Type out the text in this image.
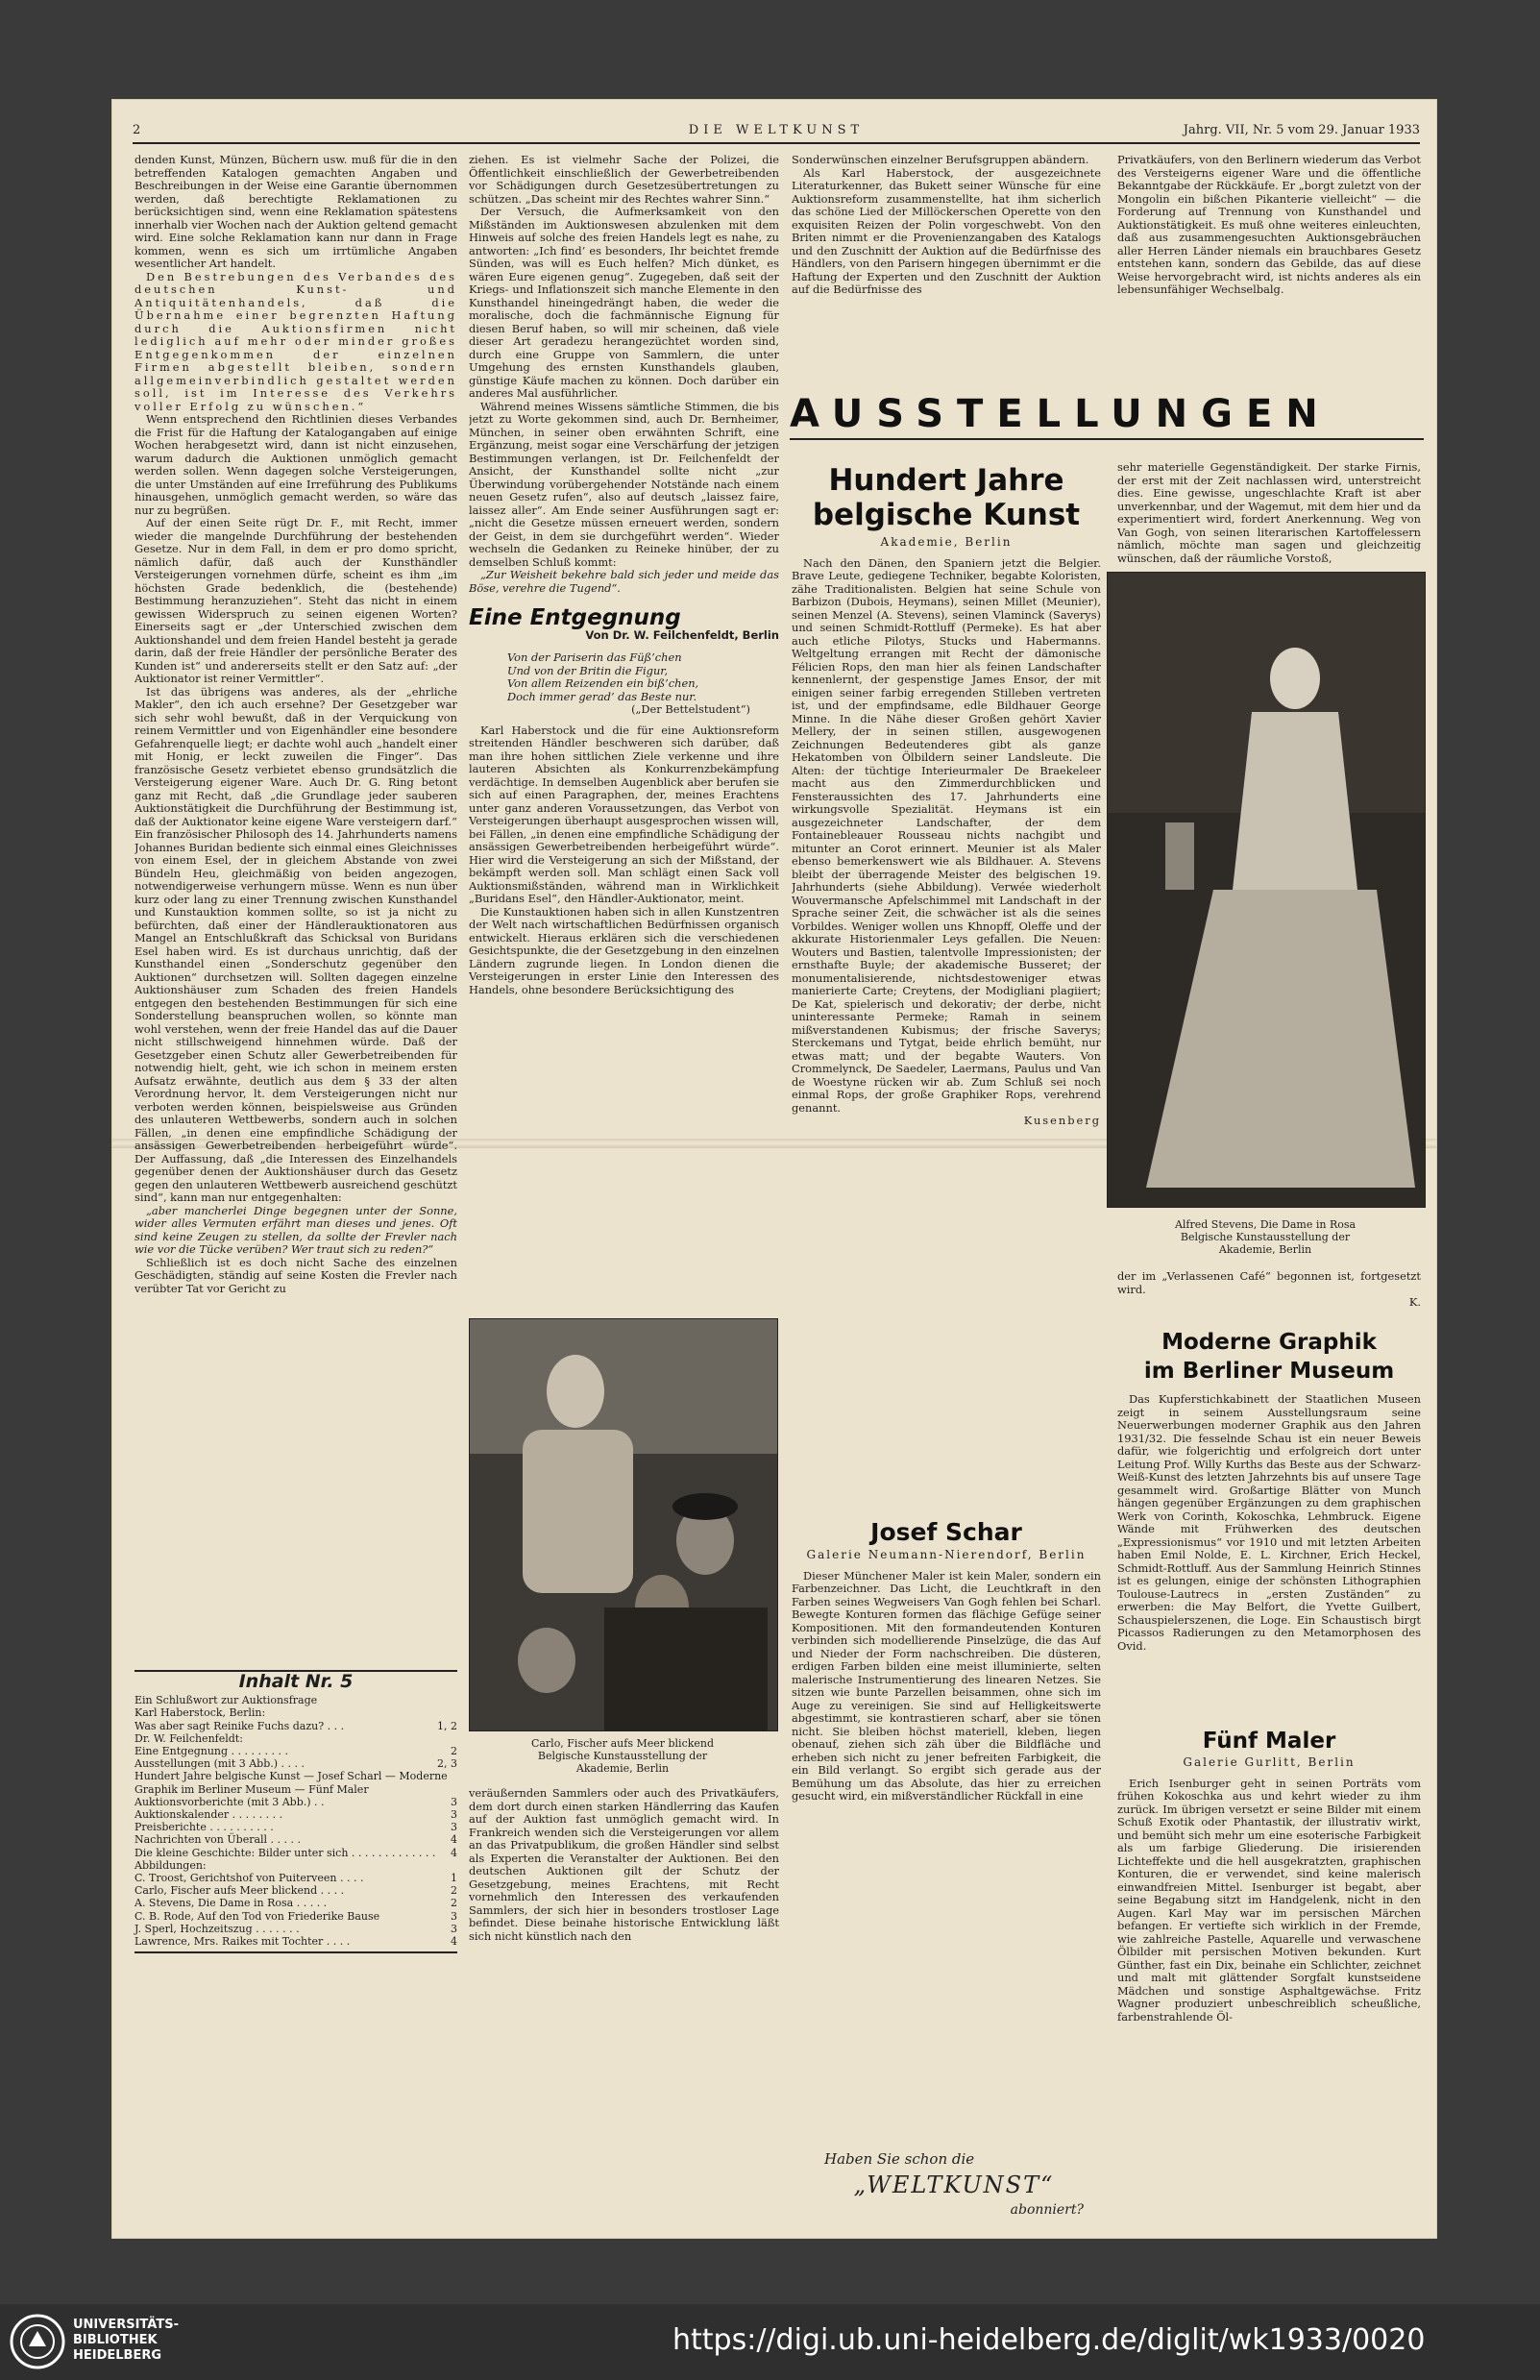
2	DIE WELTKUNST	Jahrg. VII, Nr. 5 vom 29. Januar 1933

denden Kunst, Münzen, Büchern usw. muß für die in den betreffenden Katalogen gemachten Angaben und Beschreibungen in der Weise eine Garantie übernommen werden, daß berechtigte Reklamationen zu berücksichtigen sind, wenn eine Reklamation spätestens innerhalb vier Wochen nach der Auktion geltend gemacht wird. Eine solche Reklamation kann nur dann in Frage kommen, wenn es sich um irrtümliche Angaben wesentlicher Art handelt.

Den Bestrebungen des Verbandes des deutschen Kunst- und Antiquitätenhandels, daß die Übernahme einer begrenzten Haftung durch die Auktionsfirmen nicht lediglich auf mehr oder minder großes Entgegenkommen der einzelnen Firmen abgestellt bleiben, sondern allgemeinverbindlich gestaltet werden soll, ist im Interesse des Verkehrs voller Erfolg zu wünschen.“

Wenn entsprechend den Richtlinien dieses Verbandes die Frist für die Haftung der Katalogangaben auf einige Wochen herabgesetzt wird, dann ist nicht einzusehen, warum dadurch die Auktionen unmöglich gemacht werden sollen. Wenn dagegen solche Versteigerungen, die unter Umständen auf eine Irreführung des Publikums hinausgehen, unmöglich gemacht werden, so wäre das nur zu begrüßen.

Auf der einen Seite rügt Dr. F., mit Recht, immer wieder die mangelnde Durchführung der bestehenden Gesetze. Nur in dem Fall, in dem er pro domo spricht, nämlich dafür, daß auch der Kunsthändler Versteigerungen vornehmen dürfe, scheint es ihm „im höchsten Grade bedenklich, die (bestehende) Bestimmung heranzuziehen“. Steht das nicht in einem gewissen Widerspruch zu seinen eigenen Worten? Einerseits sagt er „der Unterschied zwischen dem Auktionshandel und dem freien Handel besteht ja gerade darin, daß der freie Händler der persönliche Berater des Kunden ist“ und andererseits stellt er den Satz auf: „der Auktionator ist reiner Vermittler“.

Ist das übrigens was anderes, als der „ehrliche Makler“, den ich auch ersehne? Der Gesetzgeber war sich sehr wohl bewußt, daß in der Verquickung von reinem Vermittler und von Eigenhändler eine besondere Gefahrenquelle liegt; er dachte wohl auch „handelt einer mit Honig, er leckt zuweilen die Finger“. Das französische Gesetz verbietet ebenso grundsätzlich die Versteigerung eigener Ware. Auch Dr. G. Ring betont ganz mit Recht, daß „die Grundlage jeder sauberen Auktionstätigkeit die Durchführung der Bestimmung ist, daß der Auktionator keine eigene Ware versteigern darf.“ Ein französischer Philosoph des 14. Jahrhunderts namens Johannes Buridan bediente sich einmal eines Gleichnisses von einem Esel, der in gleichem Abstande von zwei Bündeln Heu, gleichmäßig von beiden angezogen, notwendigerweise verhungern müsse. Wenn es nun über kurz oder lang zu einer Trennung zwischen Kunsthandel und Kunstauktion kommen sollte, so ist ja nicht zu befürchten, daß einer der Händlerauktionatoren aus Mangel an Entschlußkraft das Schicksal von Buridans Esel haben wird. Es ist durchaus unrichtig, daß der Kunsthandel einen „Sonderschutz gegenüber den Auktionen“ durchsetzen will. Sollten dagegen einzelne Auktionshäuser zum Schaden des freien Handels entgegen den bestehenden Bestimmungen für sich eine Sonderstellung beanspruchen wollen, so könnte man wohl verstehen, wenn der freie Handel das auf die Dauer nicht stillschweigend hinnehmen würde. Daß der Gesetzgeber einen Schutz aller Gewerbetreibenden für notwendig hielt, geht, wie ich schon in meinem ersten Aufsatz erwähnte, deutlich aus dem § 33 der alten Verordnung hervor, lt. dem Versteigerungen nicht nur verboten werden können, beispielsweise aus Gründen des unlauteren Wettbewerbs, sondern auch in solchen Fällen, „in denen eine empfindliche Schädigung der ansässigen Gewerbetreibenden herbeigeführt würde“. Der Auffassung, daß „die Interessen des Einzelhandels gegenüber denen der Auktionshäuser durch das Gesetz gegen den unlauteren Wettbewerb ausreichend geschützt sind“, kann man nur entgegenhalten:

„aber mancherlei Dinge begegnen unter der Sonne, wider alles Vermuten erfährt man dieses und jenes. Oft sind keine Zeugen zu stellen, da sollte der Frevler nach wie vor die Tücke verüben? Wer traut sich zu reden?“

Schließlich ist es doch nicht Sache des einzelnen Geschädigten, ständig auf seine Kosten die Frevler nach verübter Tat vor Gericht zu

Inhalt Nr. 5
Ein Schlußwort zur Auktionsfrage
Karl Haberstock, Berlin:
Was aber sagt Reinike Fuchs dazu? . . .	1, 2
Dr. W. Feilchenfeldt:
Eine Entgegnung . . . . . . . . .	2
Ausstellungen (mit 3 Abb.) . . . .	2, 3
Hundert Jahre belgische Kunst — Josef Scharl — Moderne Graphik im Berliner Museum — Fünf Maler
Auktionsvorberichte (mit 3 Abb.) . .	3
Auktionskalender . . . . . . . .	3
Preisberichte . . . . . . . . . .	3
Nachrichten von Überall . . . . .	4
Die kleine Geschichte: Bilder unter sich . . . . . . . . . . . . . 4
Abbildungen:
C. Troost, Gerichtshof von Puiterveen . . . .	1
Carlo, Fischer aufs Meer blickend . . . .	2
A. Stevens, Die Dame in Rosa . . . . .	2
C. B. Rode, Auf den Tod von Friederike Bause	3
J. Sperl, Hochzeitszug . . . . . . .	3
Lawrence, Mrs. Raikes mit Tochter . . . .	4

ziehen. Es ist vielmehr Sache der Polizei, die Öffentlichkeit einschließlich der Gewerbetreibenden vor Schädigungen durch Gesetzesübertretungen zu schützen. „Das scheint mir des Rechtes wahrer Sinn.“

Der Versuch, die Aufmerksamkeit von den Mißständen im Auktionswesen abzulenken mit dem Hinweis auf solche des freien Handels legt es nahe, zu antworten: „Ich find’ es besonders, Ihr beichtet fremde Sünden, was will es Euch helfen? Mich dünket, es wären Eure eigenen genug“. Zugegeben, daß seit der Kriegs- und Inflationszeit sich manche Elemente in den Kunsthandel hineingedrängt haben, die weder die moralische, doch die fachmännische Eignung für diesen Beruf haben, so will mir scheinen, daß viele dieser Art geradezu herangezüchtet worden sind, durch eine Gruppe von Sammlern, die unter Umgehung des ernsten Kunsthandels glauben, günstige Käufe machen zu können. Doch darüber ein anderes Mal ausführlicher.

Während meines Wissens sämtliche Stimmen, die bis jetzt zu Worte gekommen sind, auch Dr. Bernheimer, München, in seiner oben erwähnten Schrift, eine Ergänzung, meist sogar eine Verschärfung der jetzigen Bestimmungen verlangen, ist Dr. Feilchenfeldt der Ansicht, der Kunsthandel sollte nicht „zur Überwindung vorübergehender Notstände nach einem neuen Gesetz rufen“, also auf deutsch „laissez faire, laissez aller“. Am Ende seiner Ausführungen sagt er: „nicht die Gesetze müssen erneuert werden, sondern der Geist, in dem sie durchgeführt werden“. Wieder wechseln die Gedanken zu Reineke hinüber, der zu demselben Schluß kommt:

„Zur Weisheit bekehre bald sich jeder und meide das Böse, verehre die Tugend“.

Eine Entgegnung
Von Dr. W. Feilchenfeldt, Berlin
Von der Pariserin das Füß’chen
Und von der Britin die Figur,
Von allem Reizenden ein biß’chen,
Doch immer gerad’ das Beste nur.
(„Der Bettelstudent“)

Karl Haberstock und die für eine Auktionsreform streitenden Händler beschweren sich darüber, daß man ihre hohen sittlichen Ziele verkenne und ihre lauteren Absichten als Konkurrenzbekämpfung verdächtige. In demselben Augenblick aber berufen sie sich auf einen Paragraphen, der, meines Erachtens unter ganz anderen Voraussetzungen, das Verbot von Versteigerungen überhaupt ausgesprochen wissen will, bei Fällen, „in denen eine empfindliche Schädigung der ansässigen Gewerbetreibenden herbeigeführt würde“. Hier wird die Versteigerung an sich der Mißstand, der bekämpft werden soll. Man schlägt einen Sack voll Auktionsmißständen, während man in Wirklichkeit „Buridans Esel“, den Händler-Auktionator, meint.

Die Kunstauktionen haben sich in allen Kunstzentren der Welt nach wirtschaftlichen Bedürfnissen organisch entwickelt. Hieraus erklären sich die verschiedenen Gesichtspunkte, die der Gesetzgebung in den einzelnen Ländern zugrunde liegen. In London dienen die Versteigerungen in erster Linie den Interessen des Handels, ohne besondere Berücksichtigung des

Carlo, Fischer aufs Meer blickend
Belgische Kunstausstellung der
Akademie, Berlin

veräußernden Sammlers oder auch des Privatkäufers, dem dort durch einen starken Händlerring das Kaufen auf der Auktion fast unmöglich gemacht wird. In Frankreich wenden sich die Versteigerungen vor allem an das Privatpublikum, die großen Händler sind selbst als Experten die Veranstalter der Auktionen. Bei den deutschen Auktionen gilt der Schutz der Gesetzgebung, meines Erachtens, mit Recht vornehmlich den Interessen des verkaufenden Sammlers, der sich hier in besonders trostloser Lage befindet. Diese beinahe historische Entwicklung läßt sich nicht künstlich nach den

Sonderwünschen einzelner Berufsgruppen abändern.

Als Karl Haberstock, der ausgezeichnete Literaturkenner, das Bukett seiner Wünsche für eine Auktionsreform zusammenstellte, hat ihm sicherlich das schöne Lied der Millöckerschen Operette von den exquisiten Reizen der Polin vorgeschwebt. Von den Briten nimmt er die Provenienzangaben des Katalogs und den Zuschnitt der Auktion auf die Bedürfnisse des Händlers, von den Parisern hingegen übernimmt er die Haftung der Experten und den Zuschnitt der Auktion auf die Bedürfnisse des

Privatkäufers, von den Berlinern wiederum das Verbot des Versteigerns eigener Ware und die öffentliche Bekanntgabe der Rückkäufe. Er „borgt zuletzt von der Mongolin ein bißchen Pikanterie vielleicht“ — die Forderung auf Trennung von Kunsthandel und Auktionstätigkeit. Es muß ohne weiteres einleuchten, daß aus zusammengesuchten Auktionsgebräuchen aller Herren Länder niemals ein brauchbares Gesetz entstehen kann, sondern das Gebilde, das auf diese Weise hervorgebracht wird, ist nichts anderes als ein lebensunfähiger Wechselbalg.

AUSSTELLUNGEN
Hundert Jahre
belgische Kunst
Akademie, Berlin

Nach den Dänen, den Spaniern jetzt die Belgier. Brave Leute, gediegene Techniker, begabte Koloristen, zähe Traditionalisten. Belgien hat seine Schule von Barbizon (Dubois, Heymans), seinen Millet (Meunier), seinen Menzel (A. Stevens), seinen Vlaminck (Saverys) und seinen Schmidt-Rottluff (Permeke). Es hat aber auch etliche Pilotys, Stucks und Habermanns. Weltgeltung errangen mit Recht der dämonische Félicien Rops, den man hier als feinen Landschafter kennenlernt, der gespenstige James Ensor, der mit einigen seiner farbig erregenden Stilleben vertreten ist, und der empfindsame, edle Bildhauer George Minne. In die Nähe dieser Großen gehört Xavier Mellery, der in seinen stillen, ausgewogenen Zeichnungen Bedeutenderes gibt als ganze Hekatomben von Ölbildern seiner Landsleute. Die Alten: der tüchtige Interieurmaler De Braekeleer macht aus den Zimmerdurchblicken und Fensteraussichten des 17. Jahrhunderts eine wirkungsvolle Spezialität. Heymans ist ein ausgezeichneter Landschafter, der dem Fontainebleauer Rousseau nichts nachgibt und mitunter an Corot erinnert. Meunier ist als Maler ebenso bemerkenswert wie als Bildhauer. A. Stevens bleibt der überragende Meister des belgischen 19. Jahrhunderts (siehe Abbildung). Verwée wiederholt Wouvermansche Apfelschimmel mit Landschaft in der Sprache seiner Zeit, die schwächer ist als die seines Vorbildes. Weniger wollen uns Khnopff, Oleffe und der akkurate Historienmaler Leys gefallen. Die Neuen: Wouters und Bastien, talentvolle Impressionisten; der ernsthafte Buyle; der akademische Busseret; der monumentalisierende, nichtsdestoweniger etwas manierierte Carte; Creytens, der Modigliani plagiiert; De Kat, spielerisch und dekorativ; der derbe, nicht uninteressante Permeke; Ramah in seinem mißverstandenen Kubismus; der frische Saverys; Sterckemans und Tytgat, beide ehrlich bemüht, nur etwas matt; und der begabte Wauters. Von Crommelynck, De Saedeler, Laermans, Paulus und Van de Woestyne rücken wir ab. Zum Schluß sei noch einmal Rops, der große Graphiker Rops, verehrend genannt.

Kusenberg

sehr materielle Gegenständigkeit. Der starke Firnis, der erst mit der Zeit nachlassen wird, unterstreicht dies. Eine gewisse, ungeschlachte Kraft ist aber unverkennbar, und der Wagemut, mit dem hier und da experimentiert wird, fordert Anerkennung. Weg von Van Gogh, von seinen literarischen Kartoffelessern nämlich, möchte man sagen und gleichzeitig wünschen, daß der räumliche Vorstoß,

Alfred Stevens, Die Dame in Rosa
Belgische Kunstausstellung der
Akademie, Berlin

der im „Verlassenen Café“ begonnen ist, fortgesetzt wird.

K.
Josef Schar
Galerie Neumann-Nierendorf, Berlin

Dieser Münchener Maler ist kein Maler, sondern ein Farbenzeichner. Das Licht, die Leuchtkraft in den Farben seines Wegweisers Van Gogh fehlen bei Scharl. Bewegte Konturen formen das flächige Gefüge seiner Kompositionen. Mit den formandeutenden Konturen verbinden sich modellierende Pinselzüge, die das Auf und Nieder der Form nachschreiben. Die düsteren, erdigen Farben bilden eine meist illuminierte, selten malerische Instrumentierung des linearen Netzes. Sie sitzen wie bunte Parzellen beisammen, ohne sich im Auge zu vereinigen. Sie sind auf Helligkeitswerte abgestimmt, sie kontrastieren scharf, aber sie tönen nicht. Sie bleiben höchst materiell, kleben, liegen obenauf, ziehen sich zäh über die Bildfläche und erheben sich nicht zu jener befreiten Farbigkeit, die ein Bild verlangt. So ergibt sich gerade aus der Bemühung um das Absolute, das hier zu erreichen gesucht wird, ein mißverständlicher Rückfall in eine

Moderne Graphik
im Berliner Museum

Das Kupferstichkabinett der Staatlichen Museen zeigt in seinem Ausstellungsraum seine Neuerwerbungen moderner Graphik aus den Jahren 1931/32. Die fesselnde Schau ist ein neuer Beweis dafür, wie folgerichtig und erfolgreich dort unter Leitung Prof. Willy Kurths das Beste aus der Schwarz-Weiß-Kunst des letzten Jahrzehnts bis auf unsere Tage gesammelt wird. Großartige Blätter von Munch hängen gegenüber Ergänzungen zu dem graphischen Werk von Corinth, Kokoschka, Lehmbruck. Eigene Wände mit Frühwerken des deutschen „Expressionismus“ vor 1910 und mit letzten Arbeiten haben Emil Nolde, E. L. Kirchner, Erich Heckel, Schmidt-Rottluff. Aus der Sammlung Heinrich Stinnes ist es gelungen, einige der schönsten Lithographien Toulouse-Lautrecs in „ersten Zuständen“ zu erwerben: die May Belfort, die Yvette Guilbert, Schauspielerszenen, die Loge. Ein Schaustisch birgt Picassos Radierungen zu den Metamorphosen des Ovid.

Fünf Maler
Galerie Gurlitt, Berlin

Erich Isenburger geht in seinen Porträts vom frühen Kokoschka aus und kehrt wieder zu ihm zurück. Im übrigen versetzt er seine Bilder mit einem Schuß Exotik oder Phantastik, der illustrativ wirkt, und bemüht sich mehr um eine esoterische Farbigkeit als um farbige Gliederung. Die irisierenden Lichteffekte und die hell ausgekratzten, graphischen Konturen, die er verwendet, sind keine malerisch einwandfreien Mittel. Isenburger ist begabt, aber seine Begabung sitzt im Handgelenk, nicht in den Augen. Karl May war im persischen Märchen befangen. Er vertiefte sich wirklich in der Fremde, wie zahlreiche Pastelle, Aquarelle und verwaschene Ölbilder mit persischen Motiven bekunden. Kurt Günther, fast ein Dix, beinahe ein Schlichter, zeichnet und malt mit glättender Sorgfalt kunstseidene Mädchen und sonstige Asphaltgewächse. Fritz Wagner produziert unbeschreiblich scheußliche, farbenstrahlende Öl-

Haben Sie schon die
„WELTKUNST“
abonniert?
UNIVERSITÄTS-
BIBLIOTHEK
HEIDELBERG	https://digi.ub.uni-heidelberg.de/diglit/wk1933/0020
